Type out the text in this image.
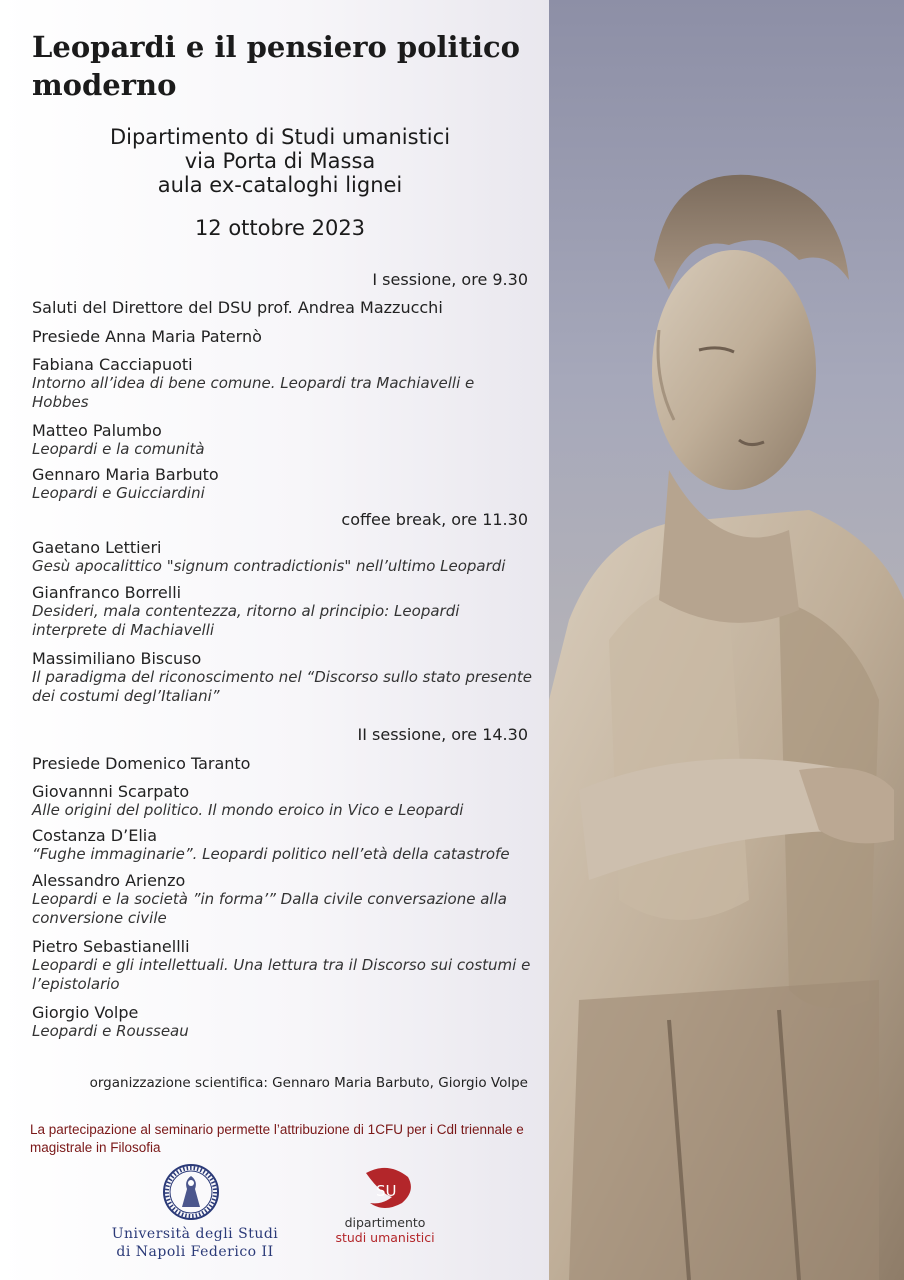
Leopardi e il pensiero politico moderno
Dipartimento di Studi umanistici
via Porta di Massa
aula ex-cataloghi lignei
12 ottobre 2023
I sessione, ore 9.30
Saluti del Direttore del DSU prof. Andrea Mazzucchi
Presiede Anna Maria Paternò
Fabiana Cacciapuoti
Intorno all’idea di bene comune. Leopardi tra Machiavelli e Hobbes
Matteo Palumbo
Leopardi e la comunità
Gennaro Maria Barbuto
Leopardi e Guicciardini
coffee break, ore 11.30
Gaetano Lettieri
Gesù apocalittico "signum contradictionis" nell’ultimo Leopardi
Gianfranco Borrelli
Desideri, mala contentezza, ritorno al principio: Leopardi interprete di Machiavelli
Massimiliano Biscuso
Il paradigma del riconoscimento nel “Discorso sullo stato presente dei costumi degl’Italiani”
II sessione, ore 14.30
Presiede Domenico Taranto
Giovannni Scarpato
Alle origini del politico. Il mondo eroico in Vico e Leopardi
Costanza D’Elia
“Fughe immaginarie”. Leopardi politico nell’età della catastrofe
Alessandro Arienzo
Leopardi e la società ”in forma’” Dalla civile conversazione alla conversione civile
Pietro Sebastianellli
Leopardi e gli intellettuali. Una lettura tra il Discorso sui costumi e l’epistolario
Giorgio Volpe
Leopardi e Rousseau
organizzazione scientifica: Gennaro Maria Barbuto, Giorgio Volpe
La partecipazione al seminario permette l’attribuzione di 1CFU per i Cdl triennale e magistrale in Filosofia
Università degli Studi
di Napoli Federico II
SU
dipartimento
studi umanistici
